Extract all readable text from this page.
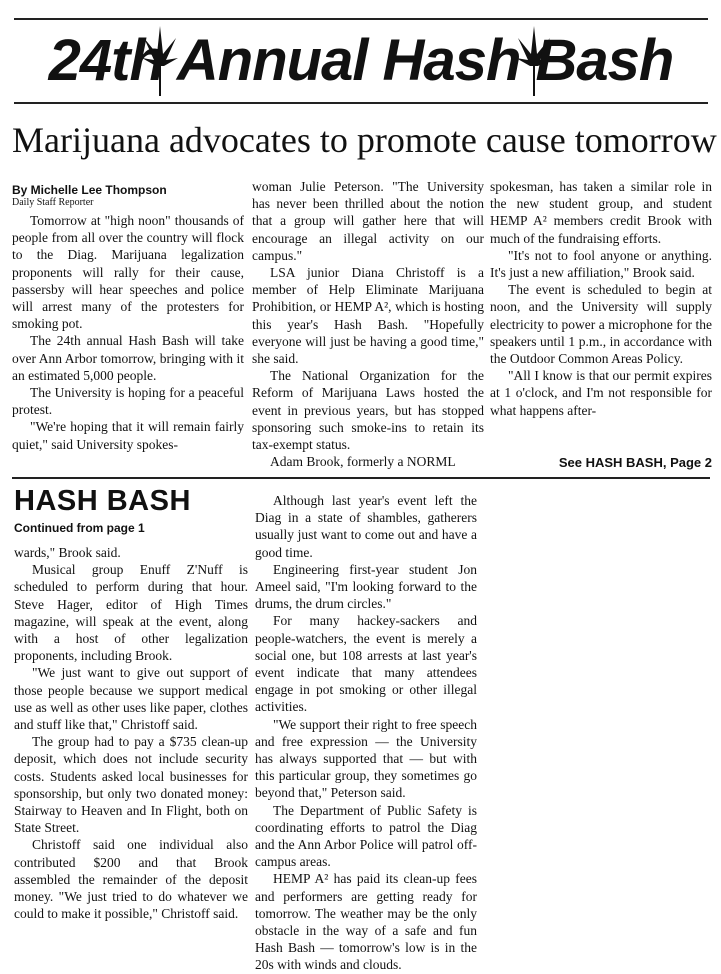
24th Annual Hash Bash
Marijuana advocates to promote cause tomorrow
By Michelle Lee Thompson
Daily Staff Reporter

Tomorrow at "high noon" thousands of people from all over the country will flock to the Diag. Marijuana legalization proponents will rally for their cause, passersby will hear speeches and police will arrest many of the protesters for smoking pot.

The 24th annual Hash Bash will take over Ann Arbor tomorrow, bringing with it an estimated 5,000 people.

The University is hoping for a peaceful protest.

"We're hoping that it will remain fairly quiet," said University spokes-

woman Julie Peterson. "The University has never been thrilled about the notion that a group will gather here that will encourage an illegal activity on our campus."

LSA junior Diana Christoff is a member of Help Eliminate Marijuana Prohibition, or HEMP A², which is hosting this year's Hash Bash. "Hopefully everyone will just be having a good time," she said.

The National Organization for the Reform of Marijuana Laws hosted the event in previous years, but has stopped sponsoring such smoke-ins to retain its tax-exempt status.

Adam Brook, formerly a NORML

spokesman, has taken a similar role in the new student group, and student HEMP A² members credit Brook with much of the fundraising efforts.

"It's not to fool anyone or anything. It's just a new affiliation," Brook said.

The event is scheduled to begin at noon, and the University will supply electricity to power a microphone for the speakers until 1 p.m., in accordance with the Outdoor Common Areas Policy.

"All I know is that our permit expires at 1 o'clock, and I'm not responsible for what happens after-

See HASH BASH, Page 2
HASH BASH
Continued from page 1

wards," Brook said.

Musical group Enuff Z'Nuff is scheduled to perform during that hour. Steve Hager, editor of High Times magazine, will speak at the event, along with a host of other legalization proponents, including Brook.

"We just want to give out support of those people because we support medical use as well as other uses like paper, clothes and stuff like that," Christoff said.

The group had to pay a $735 clean-up deposit, which does not include security costs. Students asked local businesses for sponsorship, but only two donated money: Stairway to Heaven and In Flight, both on State Street.

Christoff said one individual also contributed $200 and that Brook assembled the remainder of the deposit money. "We just tried to do whatever we could to make it possible," Christoff said.

Although last year's event left the Diag in a state of shambles, gatherers usually just want to come out and have a good time.

Engineering first-year student Jon Ameel said, "I'm looking forward to the drums, the drum circles."

For many hackey-sackers and people-watchers, the event is merely a social one, but 108 arrests at last year's event indicate that many attendees engage in pot smoking or other illegal activities.

"We support their right to free speech and free expression — the University has always supported that — but with this particular group, they sometimes go beyond that," Peterson said.

The Department of Public Safety is coordinating efforts to patrol the Diag and the Ann Arbor Police will patrol off-campus areas.

HEMP A² has paid its clean-up fees and performers are getting ready for tomorrow. The weather may be the only obstacle in the way of a safe and fun Hash Bash — tomorrow's low is in the 20s with winds and clouds.
